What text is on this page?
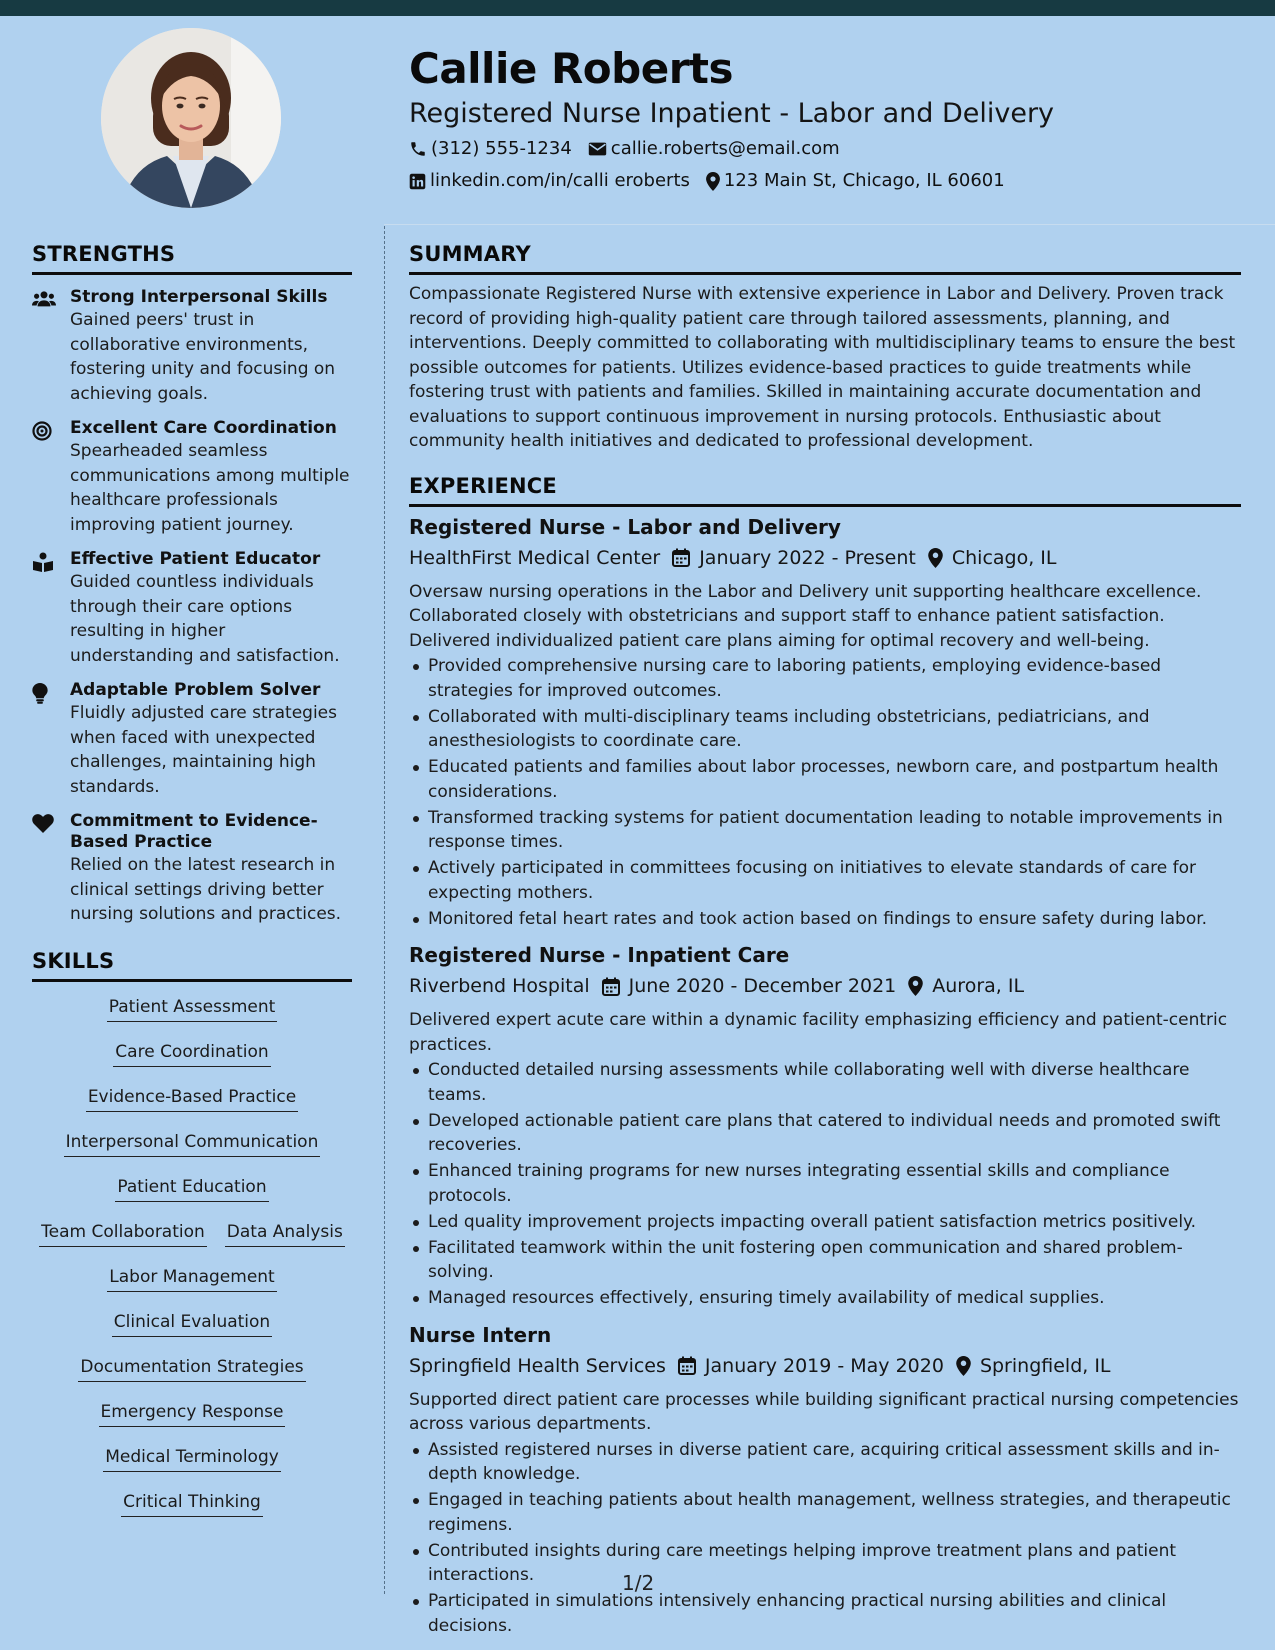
Callie Roberts
Registered Nurse Inpatient - Labor and Delivery
(312) 555-1234 callie.roberts@email.com
linkedin.com/in/calli eroberts 123 Main St, Chicago, IL 60601
STRENGTHS
Strong Interpersonal Skills
Gained peers' trust in collaborative environments, fostering unity and focusing on achieving goals.
Excellent Care Coordination
Spearheaded seamless communications among multiple healthcare professionals improving patient journey.
Effective Patient Educator
Guided countless individuals through their care options resulting in higher understanding and satisfaction.
Adaptable Problem Solver
Fluidly adjusted care strategies when faced with unexpected challenges, maintaining high standards.
Commitment to Evidence-Based Practice
Relied on the latest research in clinical settings driving better nursing solutions and practices.
SKILLS
Patient Assessment
Care Coordination
Evidence-Based Practice
Interpersonal Communication
Patient Education
Team Collaboration Data Analysis
Labor Management
Clinical Evaluation
Documentation Strategies
Emergency Response
Medical Terminology
Critical Thinking
SUMMARY
Compassionate Registered Nurse with extensive experience in Labor and Delivery. Proven track record of providing high-quality patient care through tailored assessments, planning, and interventions. Deeply committed to collaborating with multidisciplinary teams to ensure the best possible outcomes for patients. Utilizes evidence-based practices to guide treatments while fostering trust with patients and families. Skilled in maintaining accurate documentation and evaluations to support continuous improvement in nursing protocols. Enthusiastic about community health initiatives and dedicated to professional development.
EXPERIENCE
Registered Nurse - Labor and Delivery
HealthFirst Medical Center January 2022 - Present Chicago, IL
Oversaw nursing operations in the Labor and Delivery unit supporting healthcare excellence. Collaborated closely with obstetricians and support staff to enhance patient satisfaction. Delivered individualized patient care plans aiming for optimal recovery and well-being.
Provided comprehensive nursing care to laboring patients, employing evidence-based strategies for improved outcomes.
Collaborated with multi-disciplinary teams including obstetricians, pediatricians, and anesthesiologists to coordinate care.
Educated patients and families about labor processes, newborn care, and postpartum health considerations.
Transformed tracking systems for patient documentation leading to notable improvements in response times.
Actively participated in committees focusing on initiatives to elevate standards of care for expecting mothers.
Monitored fetal heart rates and took action based on findings to ensure safety during labor.
Registered Nurse - Inpatient Care
Riverbend Hospital June 2020 - December 2021 Aurora, IL
Delivered expert acute care within a dynamic facility emphasizing efficiency and patient-centric practices.
Conducted detailed nursing assessments while collaborating well with diverse healthcare teams.
Developed actionable patient care plans that catered to individual needs and promoted swift recoveries.
Enhanced training programs for new nurses integrating essential skills and compliance protocols.
Led quality improvement projects impacting overall patient satisfaction metrics positively.
Facilitated teamwork within the unit fostering open communication and shared problem-solving.
Managed resources effectively, ensuring timely availability of medical supplies.
Nurse Intern
Springfield Health Services January 2019 - May 2020 Springfield, IL
Supported direct patient care processes while building significant practical nursing competencies across various departments.
Assisted registered nurses in diverse patient care, acquiring critical assessment skills and in-depth knowledge.
Engaged in teaching patients about health management, wellness strategies, and therapeutic regimens.
Contributed insights during care meetings helping improve treatment plans and patient interactions.
Participated in simulations intensively enhancing practical nursing abilities and clinical decisions.
1/2
